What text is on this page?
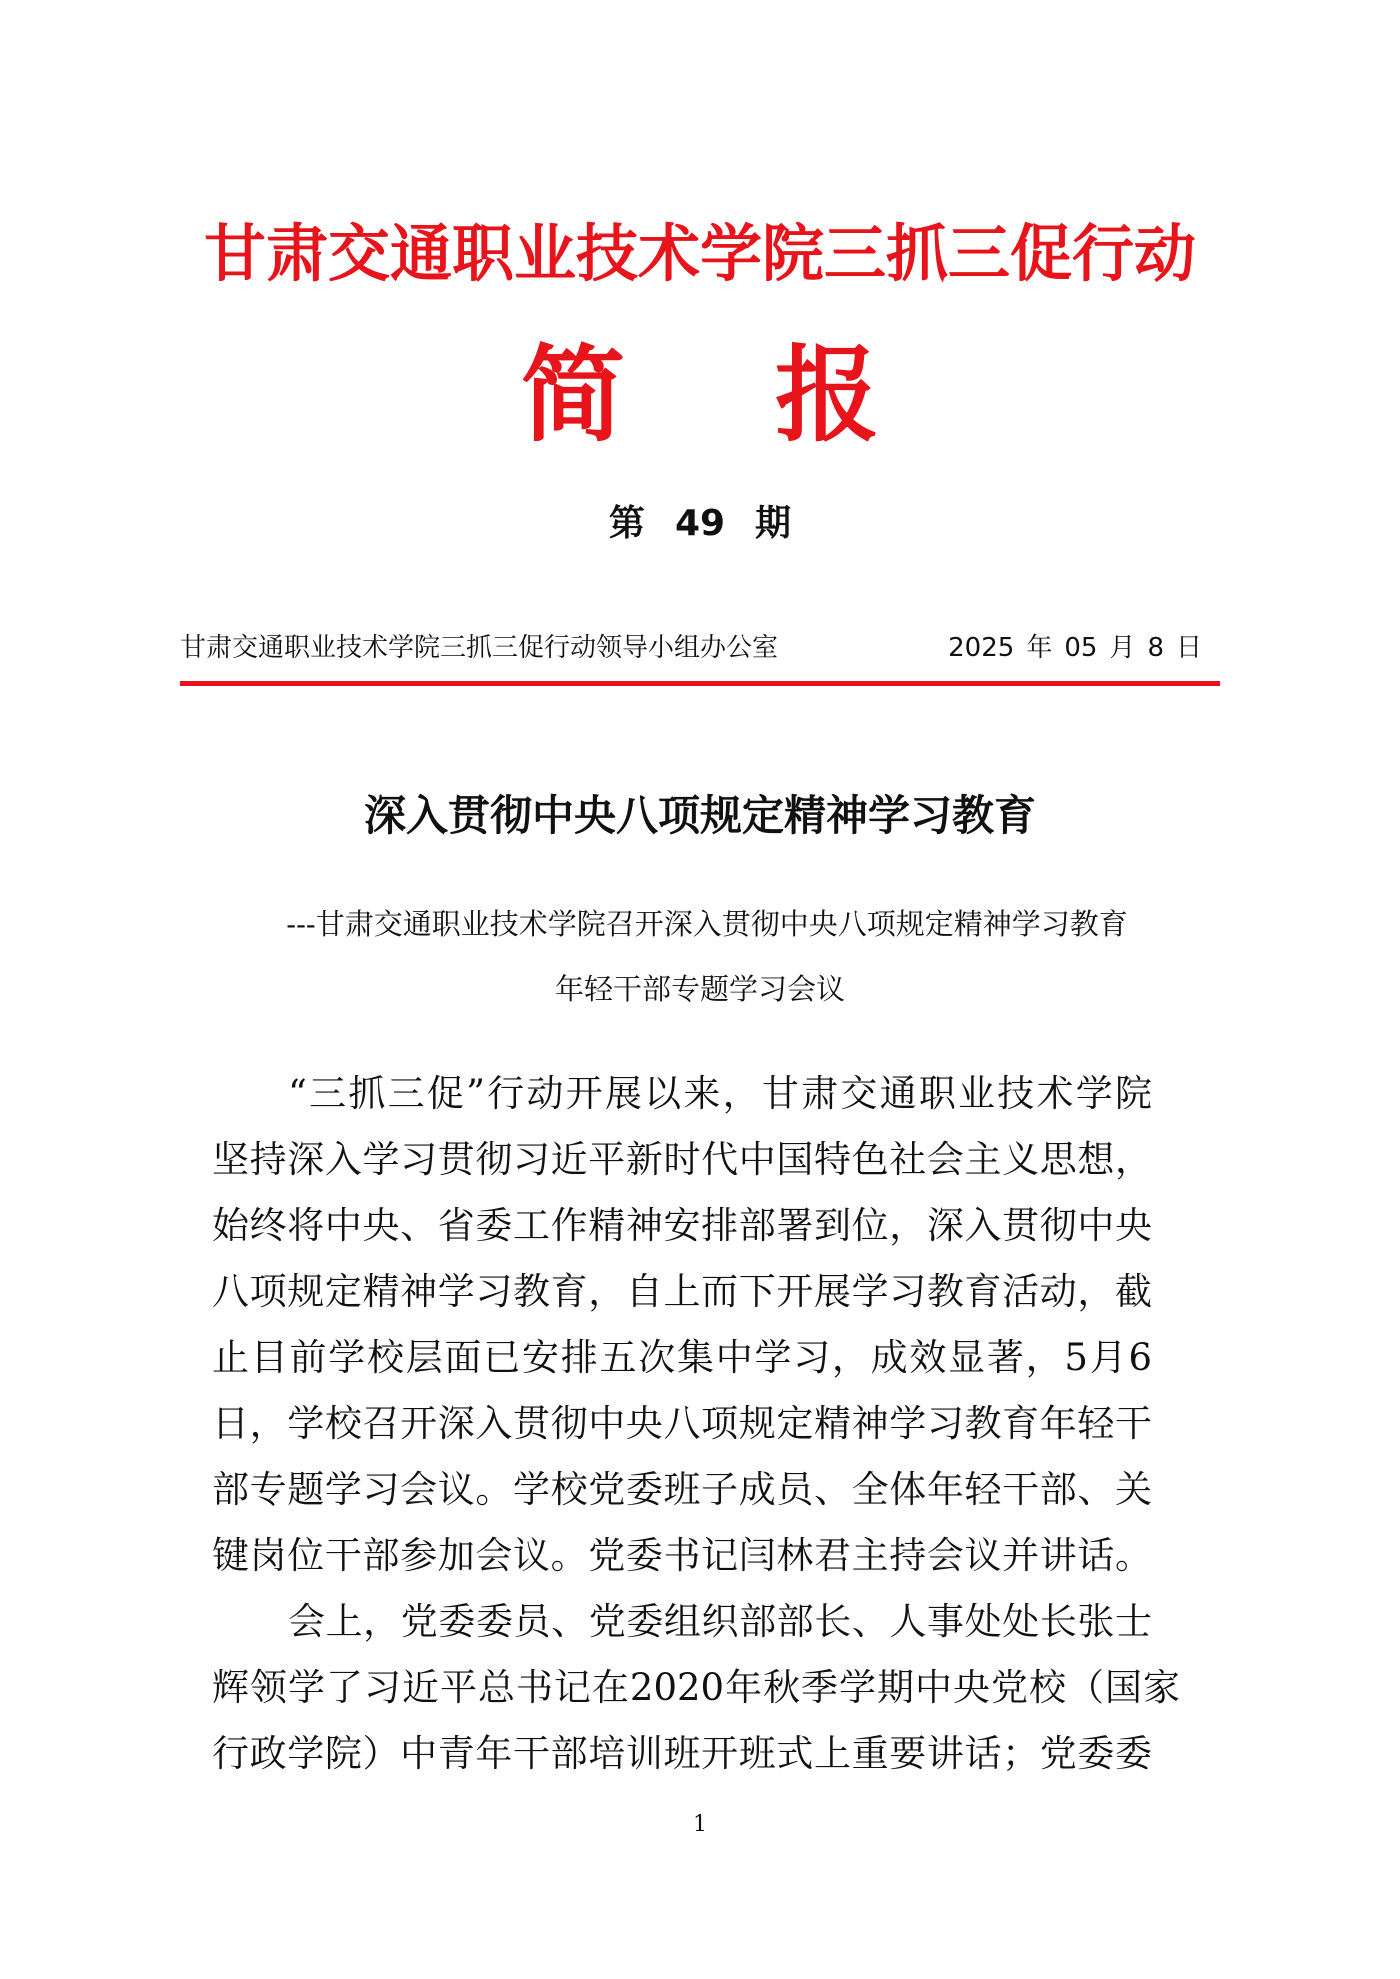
甘肃交通职业技术学院三抓三促行动
简 报
第 49 期
甘肃交通职业技术学院三抓三促行动领导小组办公室	2025 年 05 月 8 日
深入贯彻中央八项规定精神学习教育
---甘肃交通职业技术学院召开深入贯彻中央八项规定精神学习教育
年轻干部专题学习会议
“三抓三促”行动开展以来，甘肃交通职业技术学院
坚持深入学习贯彻习近平新时代中国特色社会主义思想，
始终将中央、省委工作精神安排部署到位，深入贯彻中央
八项规定精神学习教育，自上而下开展学习教育活动，截
止目前学校层面已安排五次集中学习，成效显著，5月6
日，学校召开深入贯彻中央八项规定精神学习教育年轻干
部专题学习会议。学校党委班子成员、全体年轻干部、关
键岗位干部参加会议。党委书记闫林君主持会议并讲话。
会上，党委委员、党委组织部部长、人事处处长张士
辉领学了习近平总书记在2020年秋季学期中央党校（国家
行政学院）中青年干部培训班开班式上重要讲话；党委委
1
